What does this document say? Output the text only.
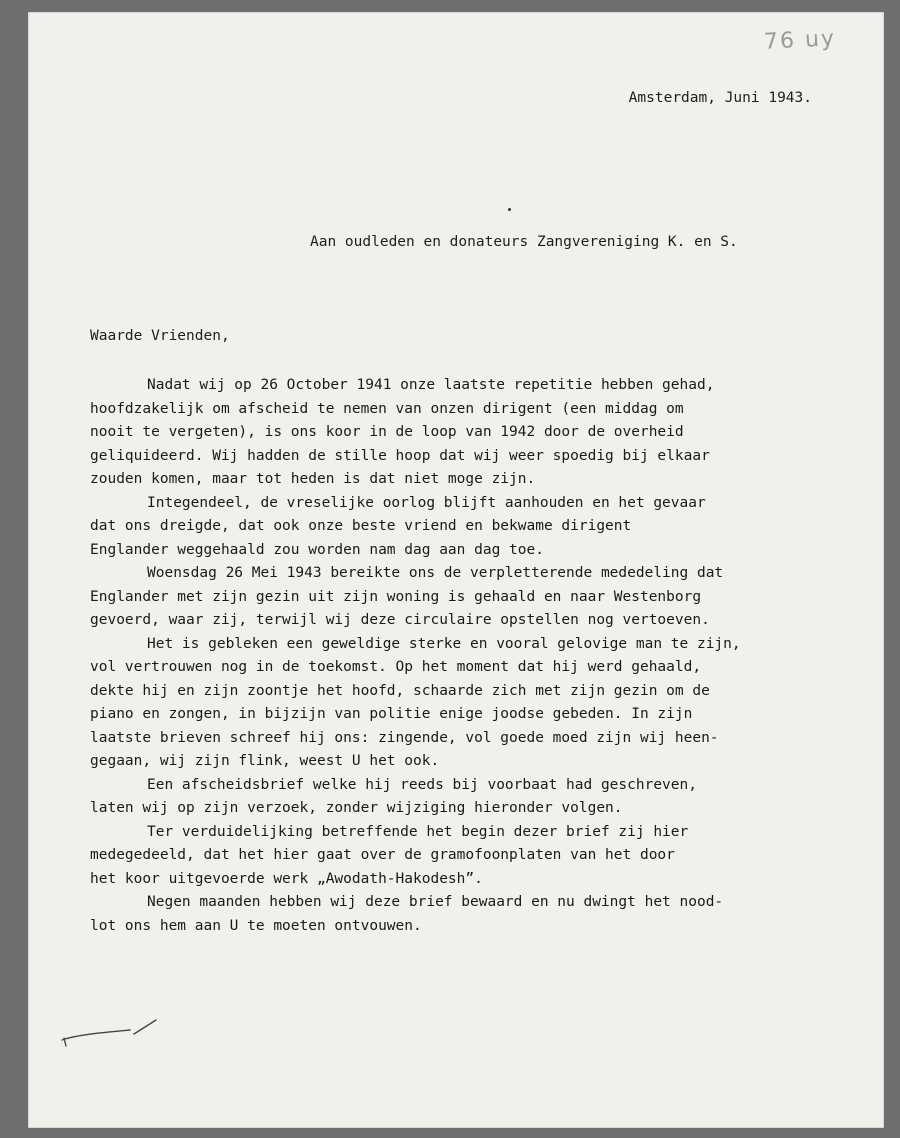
76 uy
Amsterdam, Juni 1943.
Aan oudleden en donateurs Zangvereniging K. en S.
Waarde Vrienden,
Nadat wij op 26 October 1941 onze laatste repetitie hebben gehad,
hoofdzakelijk om afscheid te nemen van onzen dirigent (een middag om
nooit te vergeten), is ons koor in de loop van 1942 door de overheid
geliquideerd. Wij hadden de stille hoop dat wij weer spoedig bij elkaar
zouden komen, maar tot heden is dat niet moge zijn.
Integendeel, de vreselijke oorlog blijft aanhouden en het gevaar
dat ons dreigde, dat ook onze beste vriend en bekwame dirigent
Englander weggehaald zou worden nam dag aan dag toe.
Woensdag 26 Mei 1943 bereikte ons de verpletterende mededeling dat
Englander met zijn gezin uit zijn woning is gehaald en naar Westenborg
gevoerd, waar zij, terwijl wij deze circulaire opstellen nog vertoeven.
Het is gebleken een geweldige sterke en vooral gelovige man te zijn,
vol vertrouwen nog in de toekomst. Op het moment dat hij werd gehaald,
dekte hij en zijn zoontje het hoofd, schaarde zich met zijn gezin om de
piano en zongen, in bijzijn van politie enige joodse gebeden. In zijn
laatste brieven schreef hij ons: zingende, vol goede moed zijn wij heen-
gegaan, wij zijn flink, weest U het ook.
Een afscheidsbrief welke hij reeds bij voorbaat had geschreven,
laten wij op zijn verzoek, zonder wijziging hieronder volgen.
Ter verduidelijking betreffende het begin dezer brief zij hier
medegedeeld, dat het hier gaat over de gramofoonplaten van het door
het koor uitgevoerde werk „Awodath-Hakodesh”.
Negen maanden hebben wij deze brief bewaard en nu dwingt het nood-
lot ons hem aan U te moeten ontvouwen.
